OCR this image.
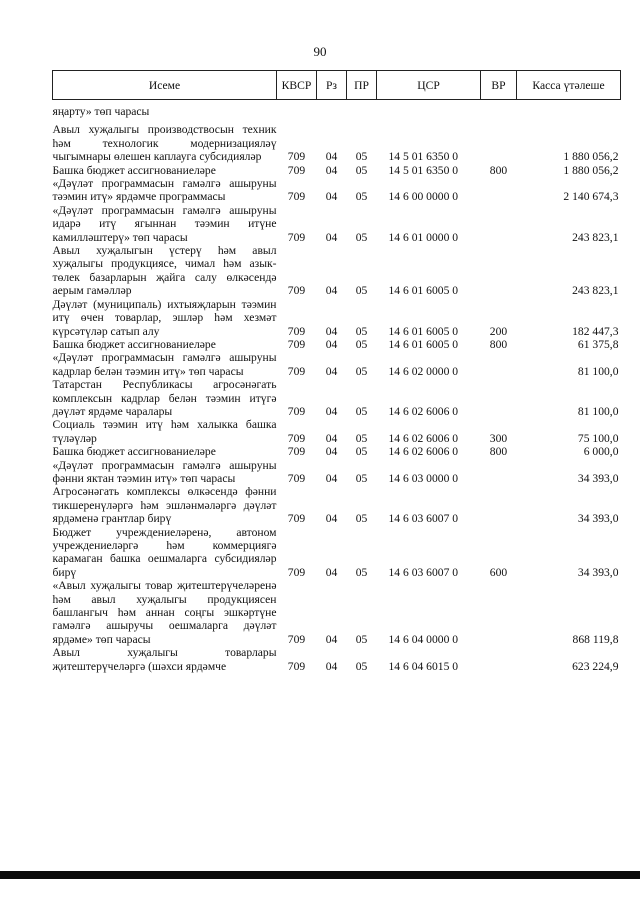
90
Исеме	КВСР	Рз	ПР	ЦСР	ВР	Касса үтәлеше

яңарту» төп чарасы						
Авыл хуҗалыгы производствосын техник һәм технологик модернизацияләү чыгымнары өлешен каплауга субсидияләр	709	04	05	14 5 01 6350 0		1 880 056,2
Башка бюджет ассигнованиеләре	709	04	05	14 5 01 6350 0	800	1 880 056,2
«Дәүләт программасын гамәлгә ашыруны тәэмин итү» ярдәмче программасы	709	04	05	14 6 00 0000 0		2 140 674,3
«Дәүләт программасын гамәлгә ашыруны идарә итү ягыннан тәэмин итүне камилләштерү» төп чарасы	709	04	05	14 6 01 0000 0		243 823,1
Авыл хуҗалыгын үстерү һәм авыл хуҗалыгы продукциясе, чимал һәм азык-төлек базарларын җайга салу өлкәсендә аерым гамәлләр	709	04	05	14 6 01 6005 0		243 823,1
Дәүләт (муниципаль) ихтыяҗларын тәэмин итү өчен товарлар, эшләр һәм хезмәт күрсәтүләр сатып алу	709	04	05	14 6 01 6005 0	200	182 447,3
Башка бюджет ассигнованиеләре	709	04	05	14 6 01 6005 0	800	61 375,8
«Дәүләт программасын гамәлгә ашыруны кадрлар белән тәэмин итү» төп чарасы	709	04	05	14 6 02 0000 0		81 100,0
Татарстан Республикасы агросәнәгать комплексын кадрлар белән тәэмин итүгә дәүләт ярдәме чаралары	709	04	05	14 6 02 6006 0		81 100,0
Социаль тәэмин итү һәм халыкка башка түләүләр	709	04	05	14 6 02 6006 0	300	75 100,0
Башка бюджет ассигнованиеләре	709	04	05	14 6 02 6006 0	800	6 000,0
«Дәүләт программасын гамәлгә ашыруны фәнни яктан тәэмин итү» төп чарасы	709	04	05	14 6 03 0000 0		34 393,0
Агросәнәгать комплексы өлкәсендә фәнни тикшеренүләргә һәм эшләнмәләргә дәүләт ярдәменә грантлар бирү	709	04	05	14 6 03 6007 0		34 393,0
Бюджет учреждениеләренә, автоном учреждениеләргә һәм коммерциягә карамаган башка оешмаларга субсидияләр бирү	709	04	05	14 6 03 6007 0	600	34 393,0
«Авыл хуҗалыгы товар җитештерүчеләренә һәм авыл хуҗалыгы продукциясен башлангыч һәм аннан соңгы эшкәртүне гамәлгә ашыручы оешмаларга дәүләт ярдәме» төп чарасы	709	04	05	14 6 04 0000 0		868 119,8
Авыл хуҗалыгы товарлары җитештерүчеләргә (шәхси ярдәмче	709	04	05	14 6 04 6015 0		623 224,9
